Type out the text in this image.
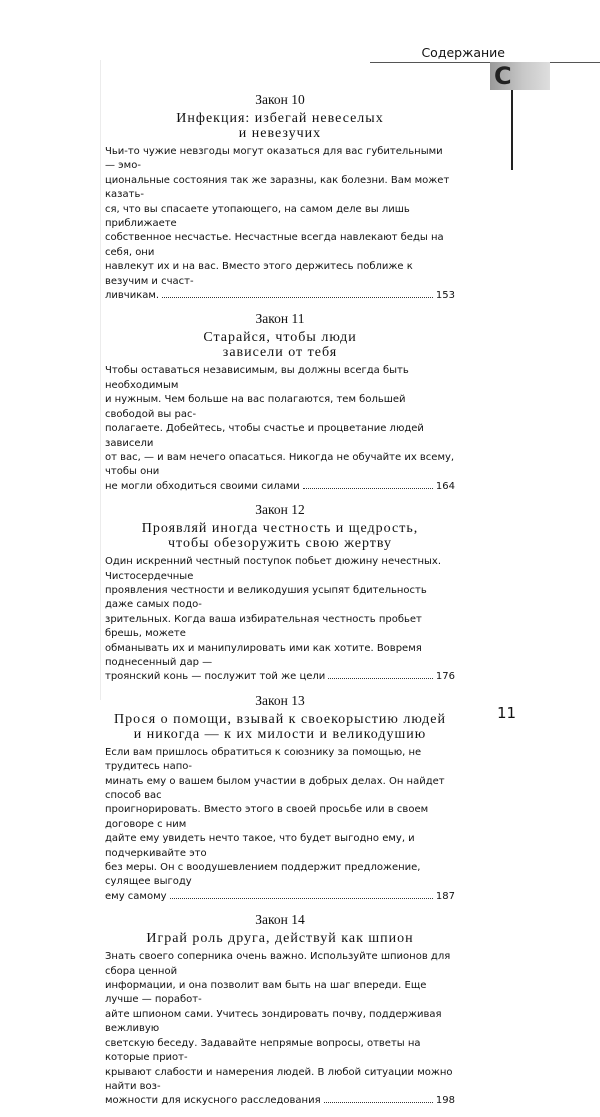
Содержание
С
Закон 10
Инфекция: избегай невеселых
и невезучих
Чьи-то чужие невзгоды могут оказаться для вас губительными — эмо-
циональные состояния так же заразны, как болезни. Вам может казать-
ся, что вы спасаете утопающего, на самом деле вы лишь приближаете
собственное несчастье. Несчастные всегда навлекают беды на себя, они
навлекут их и на вас. Вместо этого держитесь поближе к везучим и счаст-
ливчикам.	153
Закон 11
Старайся, чтобы люди
зависели от тебя
Чтобы оставаться независимым, вы должны всегда быть необходимым
и нужным. Чем больше на вас полагаются, тем большей свободой вы рас-
полагаете. Добейтесь, чтобы счастье и процветание людей зависели
от вас, — и вам нечего опасаться. Никогда не обучайте их всему, чтобы они
не могли обходиться своими силами	164
Закон 12
Проявляй иногда честность и щедрость,
чтобы обезоружить свою жертву
Один искренний честный поступок побьет дюжину нечестных. Чистосердечные
проявления честности и великодушия усыпят бдительность даже самых подо-
зрительных. Когда ваша избирательная честность пробьет брешь, можете
обманывать их и манипулировать ими как хотите. Вовремя поднесенный дар —
троянский конь — послужит той же цели	176
Закон 13
Прося о помощи, взывай к своекорыстию людей
и никогда — к их милости и великодушию
Если вам пришлось обратиться к союзнику за помощью, не трудитесь напо-
минать ему о вашем былом участии в добрых делах. Он найдет способ вас
проигнорировать. Вместо этого в своей просьбе или в своем договоре с ним
дайте ему увидеть нечто такое, что будет выгодно ему, и подчеркивайте это
без меры. Он с воодушевлением поддержит предложение, сулящее выгоду
ему самому	187
Закон 14
Играй роль друга, действуй как шпион
Знать своего соперника очень важно. Используйте шпионов для сбора ценной
информации, и она позволит вам быть на шаг впереди. Еще лучше — поработ-
айте шпионом сами. Учитесь зондировать почву, поддерживая вежливую
светскую беседу. Задавайте непрямые вопросы, ответы на которые приот-
крывают слабости и намерения людей. В любой ситуации можно найти воз-
можности для искусного расследования	198
11
